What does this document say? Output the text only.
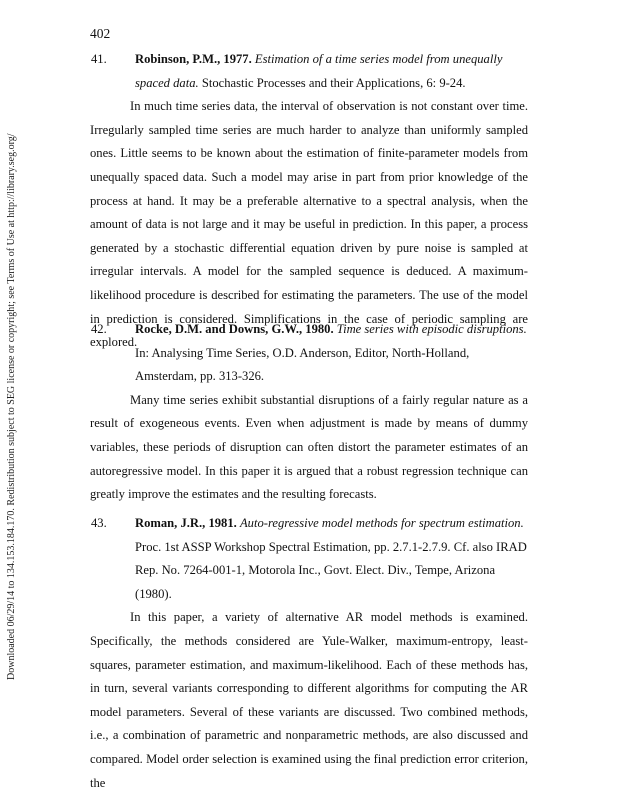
Downloaded 06/29/14 to 134.153.184.170. Redistribution subject to SEG license or copyright; see Terms of Use at http://library.seg.org/
402

41. Robinson, P.M., 1977. Estimation of a time series model from unequally spaced data. Stochastic Processes and their Applications, 6: 9-24.

In much time series data, the interval of observation is not constant over time. Irregularly sampled time series are much harder to analyze than uniformly sampled ones. Little seems to be known about the estimation of finite-parameter models from unequally spaced data. Such a model may arise in part from prior knowledge of the process at hand. It may be a preferable alternative to a spectral analysis, when the amount of data is not large and it may be useful in prediction. In this paper, a process generated by a stochastic differential equation driven by pure noise is sampled at irregular intervals. A model for the sampled sequence is deduced. A maximum-likelihood procedure is described for estimating the parameters. The use of the model in prediction is considered. Simplifications in the case of periodic sampling are explored.

42. Rocke, D.M. and Downs, G.W., 1980. Time series with episodic disruptions. In: Analysing Time Series, O.D. Anderson, Editor, North-Holland, Amsterdam, pp. 313-326.

Many time series exhibit substantial disruptions of a fairly regular nature as a result of exogeneous events. Even when adjustment is made by means of dummy variables, these periods of disruption can often distort the parameter estimates of an autoregressive model. In this paper it is argued that a robust regression technique can greatly improve the estimates and the resulting forecasts.

43. Roman, J.R., 1981. Auto-regressive model methods for spectrum estimation. Proc. 1st ASSP Workshop Spectral Estimation, pp. 2.7.1-2.7.9. Cf. also IRAD Rep. No. 7264-001-1, Motorola Inc., Govt. Elect. Div., Tempe, Arizona (1980).

In this paper, a variety of alternative AR model methods is examined. Specifically, the methods considered are Yule-Walker, maximum-entropy, least-squares, parameter estimation, and maximum-likelihood. Each of these methods has, in turn, several variants corresponding to different algorithms for computing the AR model parameters. Several of these variants are discussed. Two combined methods, i.e., a combination of parametric and nonparametric methods, are also discussed and compared. Model order selection is examined using the final prediction error criterion, the
